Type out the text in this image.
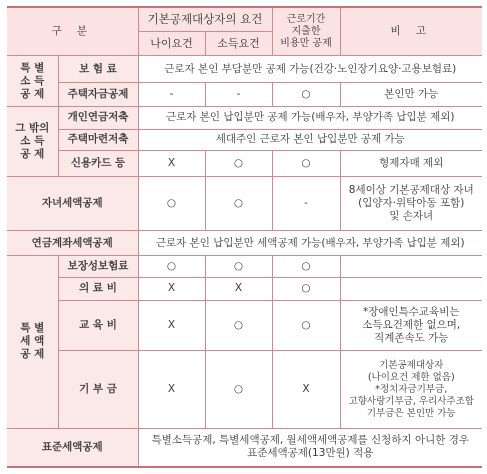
구 분		기본공제대상자의 요건		근로기간
지출한
비용만 공제	비 고
		나이요건	소득요건		
특 별
소 득
공 제	보 험 료	근로자 본인 부담분만 공제 가능(건강·노인장기요양·고용보험료)			
	주택자금공제	-	-	○	본인만 가능
그 밖의
소 득
공 제	개인연금저축	근로자 본인 납입분만 공제 가능(배우자, 부양가족 납입분 제외)			
	주택마련저축	세대주인 근로자 본인 납입분만 공제 가능			
	신용카드 등	X	○	○	형제자매 제외
자녀세액공제		○	○	-	8세이상 기본공제대상 자녀
(입양자·위탁아동 포함)
및 손자녀
연금계좌세액공제		근로자 본인 납입분만 세액공제 가능(배우자, 부양가족 납입분 제외)			
특 별
세 액
공 제	보장성보험료	○	○	○	
	의 료 비	X	X	○	
	교 육 비	X	○	○	*장애인특수교육비는
소득요건제한 없으며,
직계존속도 가능
	기 부 금	X	○	X	기본공제대상자
(나이요건 제한 없음)
*정치자금기부금,
고향사랑기부금, 우리사주조합
기부금은 본인만 가능
표준세액공제		특별소득공제, 특별세액공제, 월세액세액공제를 신청하지 아니한 경우
표준세액공제(13만원) 적용			
